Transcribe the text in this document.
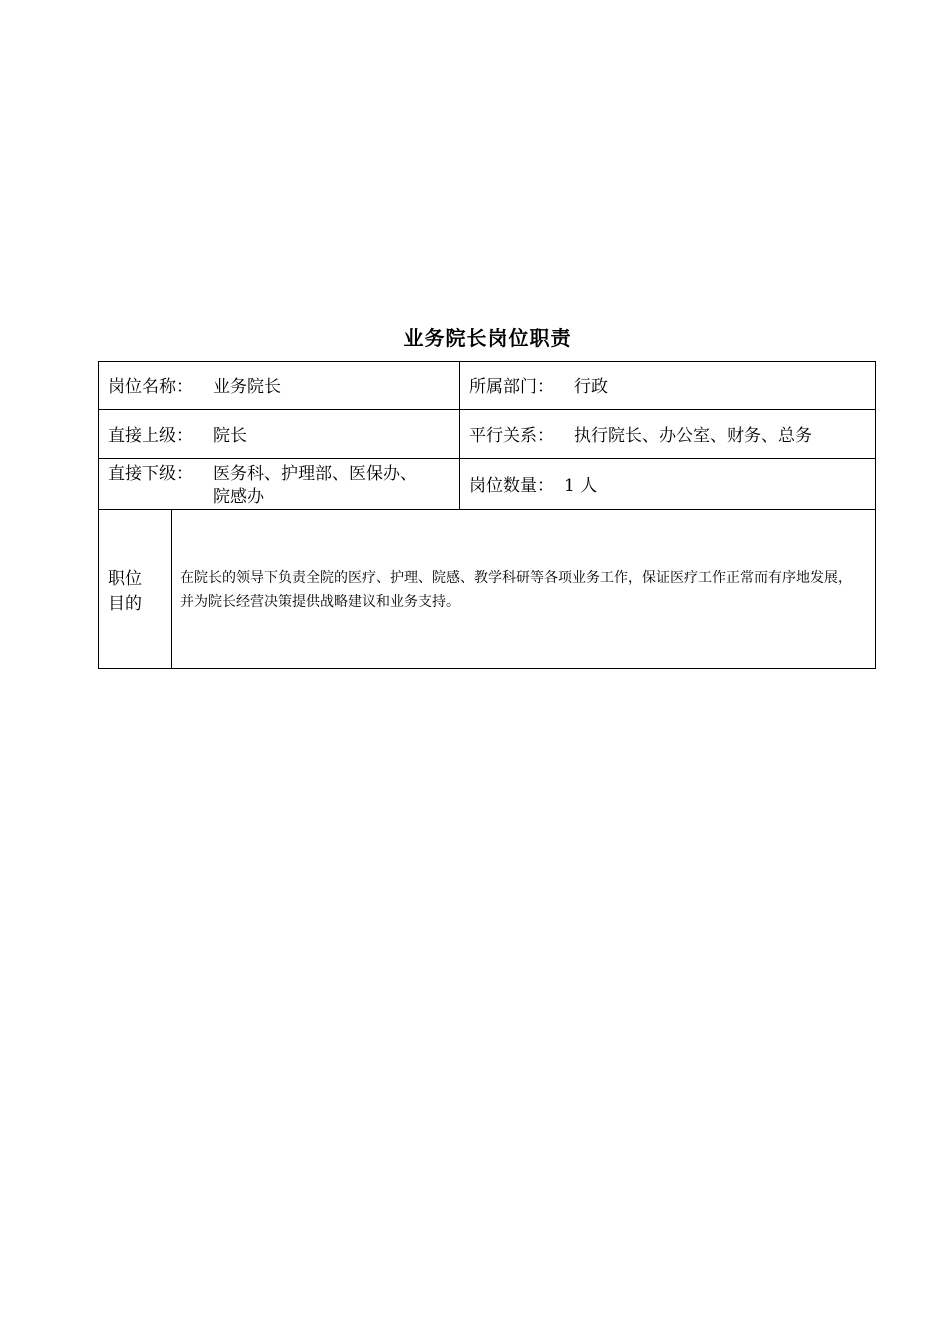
业务院长岗位职责
岗位名称： 业务院长	所属部门： 行政
直接上级： 院长	平行关系： 执行院长、办公室、财务、总务
直接下级： 医务科、护理部、医保办、
院感办
岗位数量： 1 人
职位
目的
在院长的领导下负责全院的医疗、护理、院感、教学科研等各项业务工作，保证医疗工作正常而有序地发展，并为院长经营决策提供战略建议和业务支持。
